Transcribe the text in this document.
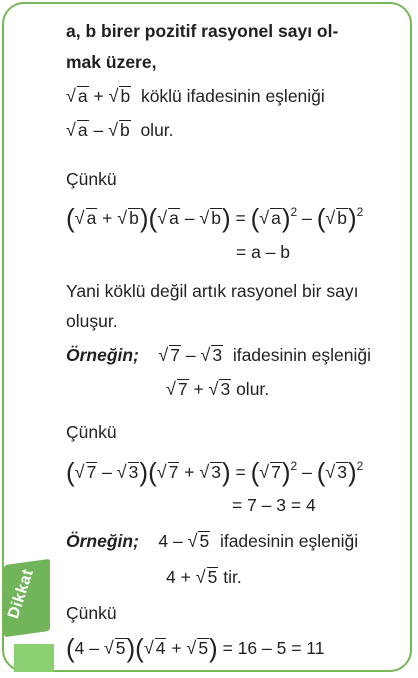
Dikkat
a, b birer pozitif rasyonel sayı ol-
mak üzere,
√ a + √ b köklü ifadesinin eşleniği
√ a – √ b olur.
Çünkü
(√ a + √ b)(√ a – √ b) = (√ a)$^2$ – (√ b)$^2$
= a – b
Yani köklü değil artık rasyonel bir sayı
oluşur.
Örneğin; √ 7 – √ 3 ifadesinin eşleniği
√ 7 + √ 3 olur.
Çünkü
(√ 7 – √ 3)(√ 7 + √ 3) = (√ 7)$^2$ – (√ 3)$^2$
= 7 – 3 = 4
Örneğin; 4 – √ 5 ifadesinin eşleniği
4 + √ 5 tir.
Çünkü
(4 – √ 5)(√ 4 + √ 5) = 16 – 5 = 11
